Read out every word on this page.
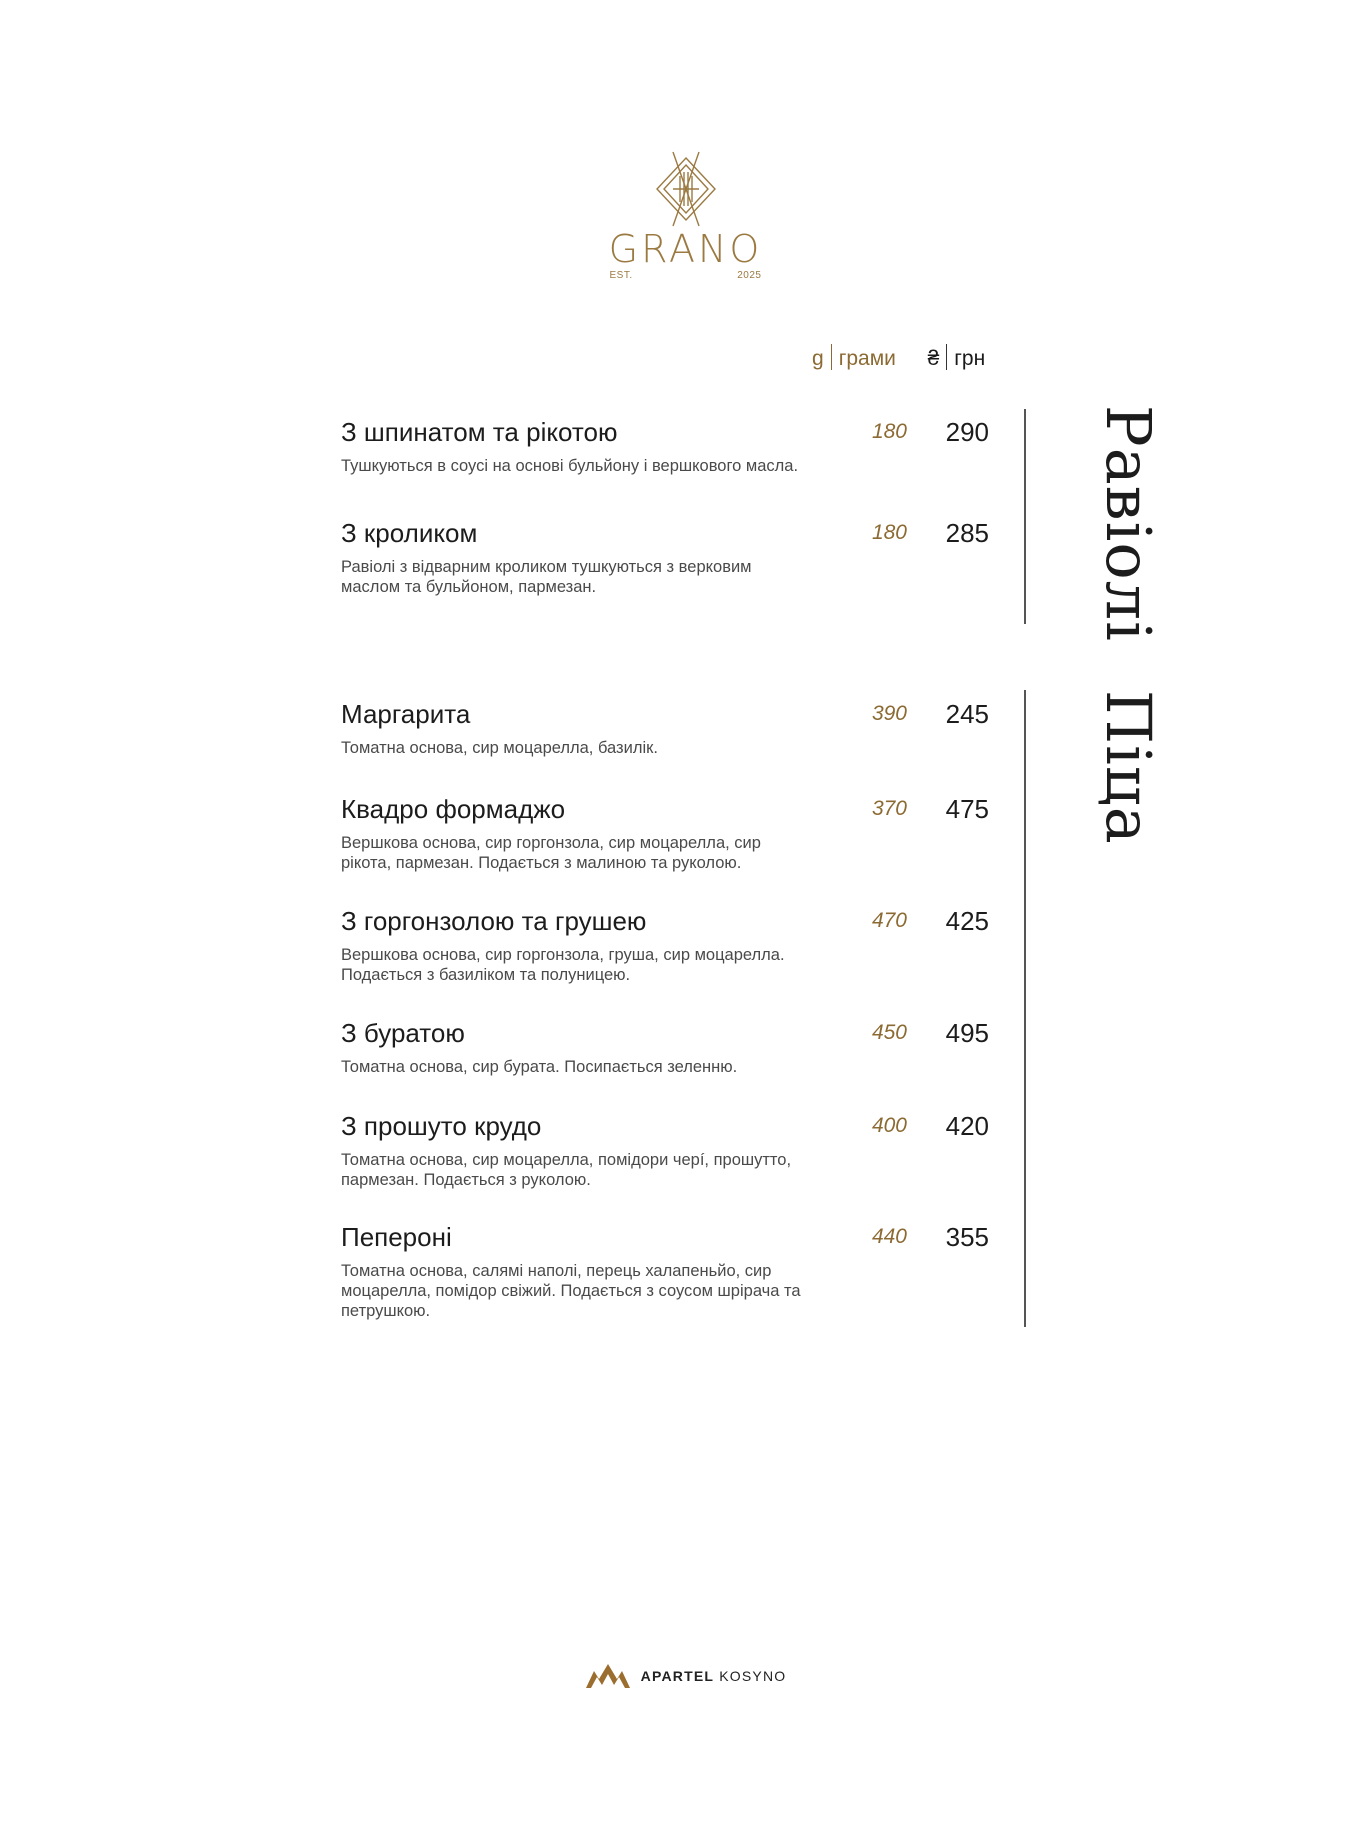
GRANO
EST.	2025
g грами ₴ грн
Равіолі
З шпинатом та рікотою
Тушкуються в соусі на основі бульйону і вершкового масла.
180 290
З кроликом
Равіолі з відварним кроликом тушкуються з верковим маслом та бульйоном, пармезан.
180 285
Піца
Маргарита
Томатна основа, сир моцарелла, базилік.
390 245
Квадро формаджо
Вершкова основа, сир горгонзола, сир моцарелла, сир рікота, пармезан. Подається з малиною та руколою.
370 475
З горгонзолою та грушею
Вершкова основа, сир горгонзола, груша, сир моцарелла. Подається з базиліком та полуницею.
470 425
З буратою
Томатна основа, сир бурата. Посипається зеленню.
450 495
З прошуто крудо
Томатна основа, сир моцарелла, помідори черí, прошутто, пармезан. Подається з руколою.
400 420
Пепероні
Томатна основа, салямі наполі, перець халапеньйо, сир моцарелла, помідор свіжий. Подається з соусом шрірача та петрушкою.
440 355
APARTEL KOSYNO
